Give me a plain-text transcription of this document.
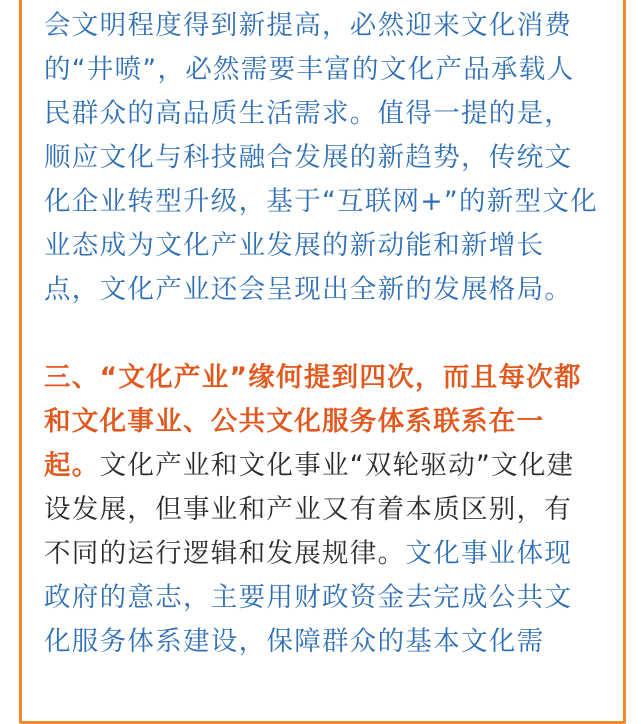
会文明程度得到新提高，必然迎来文化消费
的“井喷”，必然需要丰富的文化产品承载人
民群众的高品质生活需求。值得一提的是，
顺应文化与科技融合发展的新趋势，传统文
化企业转型升级，基于“互联网+”的新型文化
业态成为文化产业发展的新动能和新增长
点，文化产业还会呈现出全新的发展格局。
三、“文化产业”缘何提到四次，而且每次都
和文化事业、公共文化服务体系联系在一
起。文化产业和文化事业“双轮驱动”文化建
设发展，但事业和产业又有着本质区别，有
不同的运行逻辑和发展规律。文化事业体现
政府的意志，主要用财政资金去完成公共文
化服务体系建设，保障群众的基本文化需
